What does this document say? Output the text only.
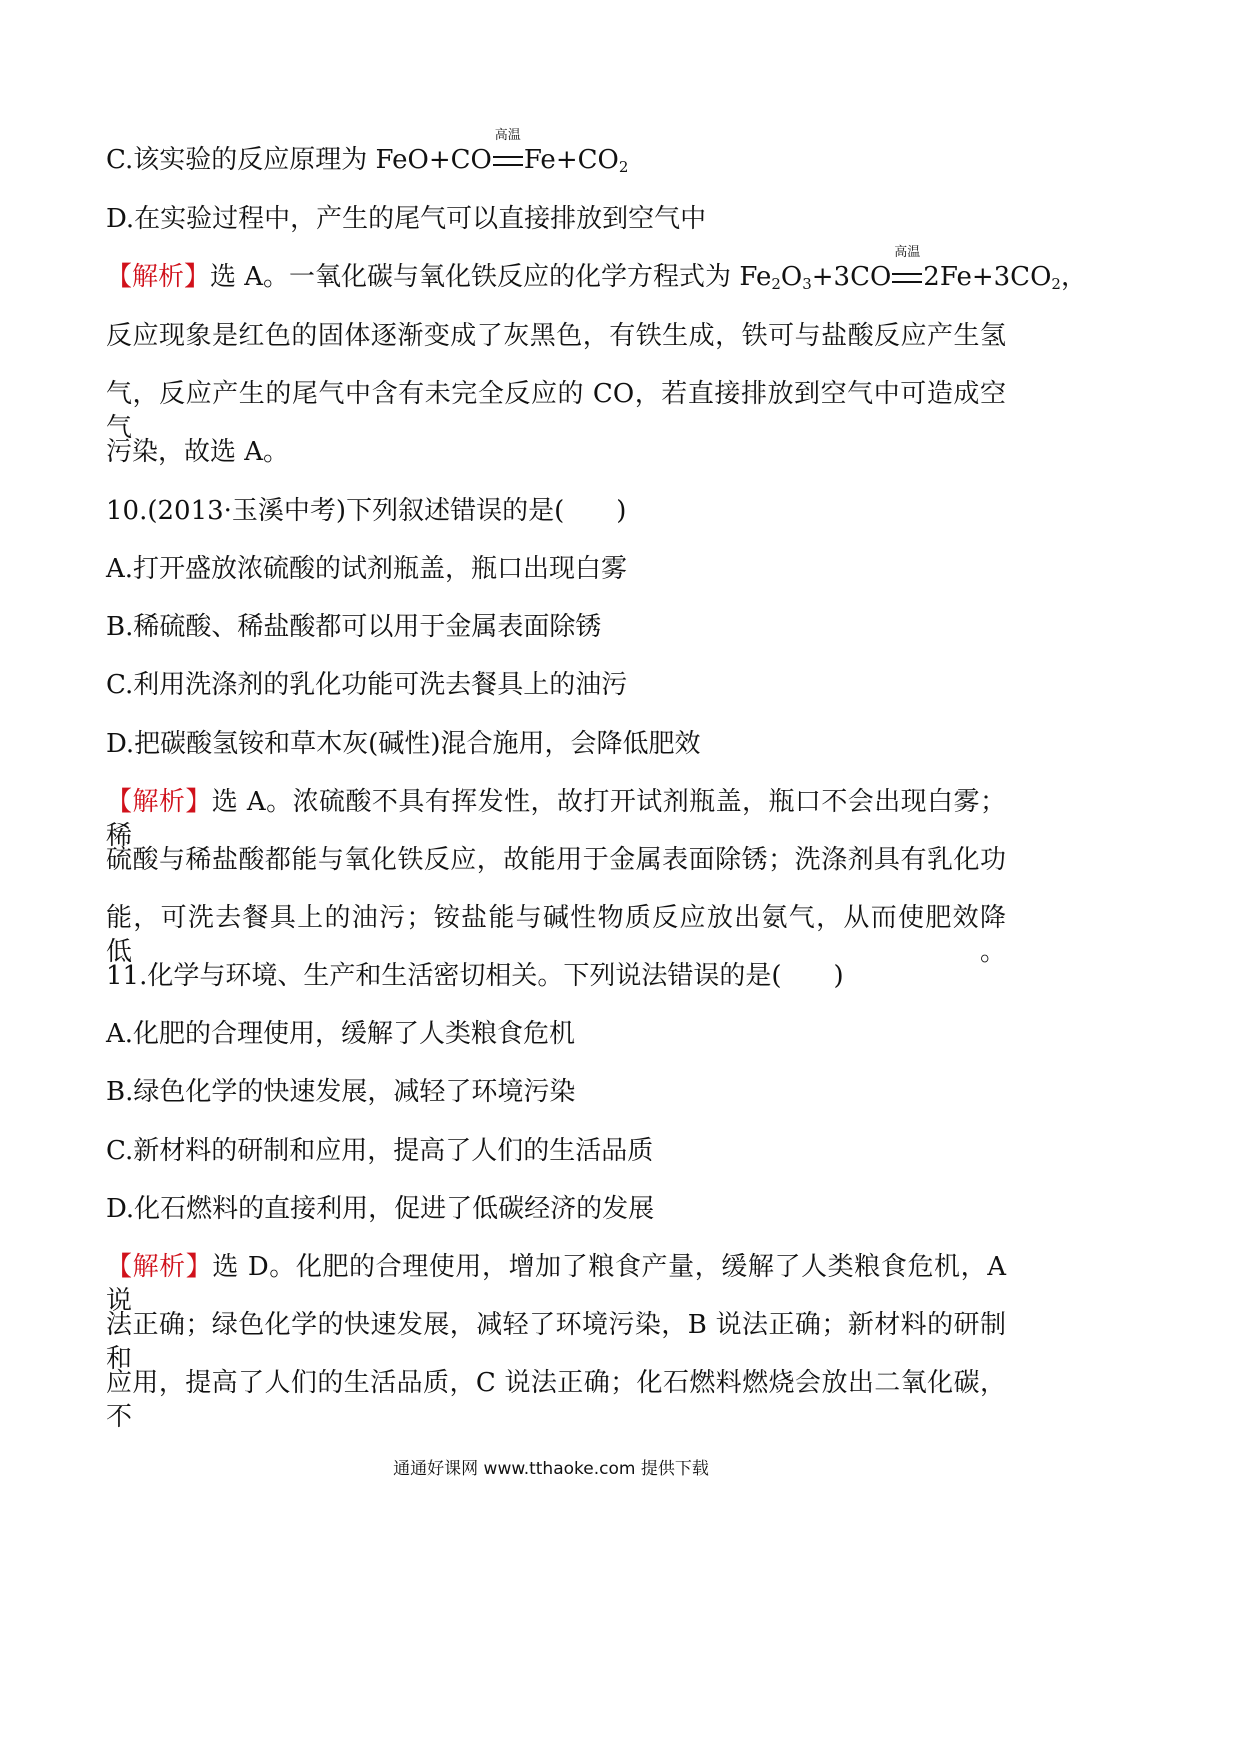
C.该实验的反应原理为 FeO+CO
高温
$Fe+CO_2$
D.在实验过程中，产生的尾气可以直接排放到空气中
【解析】选 A。一氧化碳与氧化铁反应的化学方程式为 $Fe_2O_3+3CO$
高温
$2Fe+3CO_2$，
反应现象是红色的固体逐渐变成了灰黑色，有铁生成，铁可与盐酸反应产生氢
气，反应产生的尾气中含有未完全反应的 CO，若直接排放到空气中可造成空气
污染，故选 A。
10.(2013·玉溪中考)下列叙述错误的是(　　)
A.打开盛放浓硫酸的试剂瓶盖，瓶口出现白雾
B.稀硫酸、稀盐酸都可以用于金属表面除锈
C.利用洗涤剂的乳化功能可洗去餐具上的油污
D.把碳酸氢铵和草木灰(碱性)混合施用，会降低肥效
【解析】选 A。浓硫酸不具有挥发性，故打开试剂瓶盖，瓶口不会出现白雾；稀
硫酸与稀盐酸都能与氧化铁反应，故能用于金属表面除锈；洗涤剂具有乳化功
能，可洗去餐具上的油污；铵盐能与碱性物质反应放出氨气，从而使肥效降低。
11.化学与环境、生产和生活密切相关。下列说法错误的是(　　)
A.化肥的合理使用，缓解了人类粮食危机
B.绿色化学的快速发展，减轻了环境污染
C.新材料的研制和应用，提高了人们的生活品质
D.化石燃料的直接利用，促进了低碳经济的发展
【解析】选 D。化肥的合理使用，增加了粮食产量，缓解了人类粮食危机，A 说
法正确；绿色化学的快速发展，减轻了环境污染，B 说法正确；新材料的研制和
应用，提高了人们的生活品质，C 说法正确；化石燃料燃烧会放出二氧化碳，不
通通好课网 www.tthaoke.com 提供下载
